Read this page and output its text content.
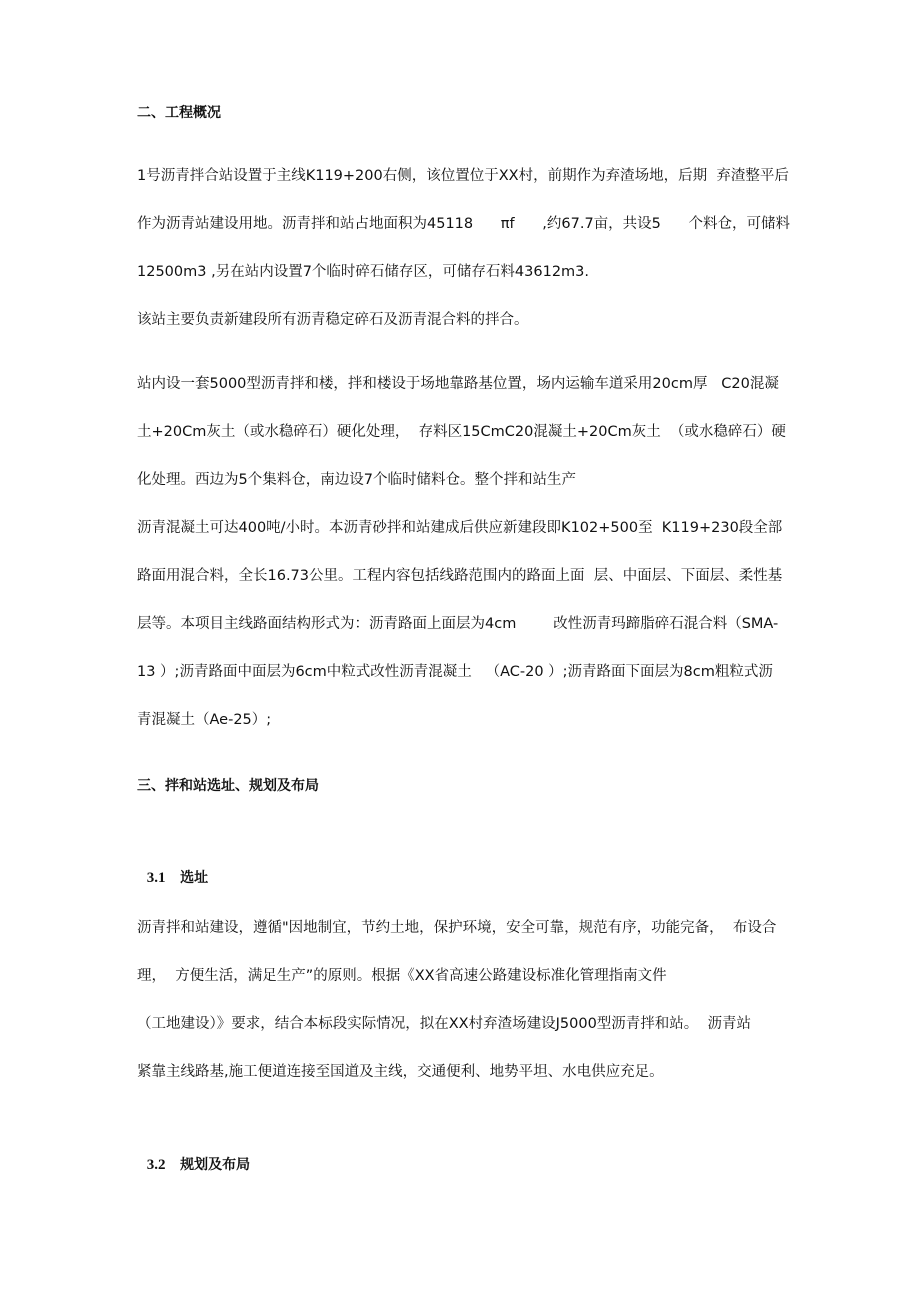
二、工程概况
1号沥青拌合站设置于主线K119+200右侧，该位置位于XX村，前期作为弃渣场地，后期  弃渣整平后
作为沥青站建设用地。沥青拌和站占地面积为45118      πf      ,约67.7亩，共设5      个料仓，可储料
12500m3 ,另在站内设置7个临时碎石储存区，可储存石料43612m3.
该站主要负责新建段所有沥青稳定碎石及沥青混合料的拌合。
站内设一套5000型沥青拌和楼，拌和楼设于场地靠路基位置，场内运输车道采用20cm厚   C20混凝
土+20Cm灰土（或水稳碎石）硬化处理，  存料区15CmC20混凝土+20Cm灰土  （或水稳碎石）硬
化处理。西边为5个集料仓，南边设7个临时储料仓。整个拌和站生产
沥青混凝土可达400吨/小时。本沥青砂拌和站建成后供应新建段即K102+500至  K119+230段全部
路面用混合料，全长16.73公里。工程内容包括线路范围内的路面上面  层、中面层、下面层、柔性基
层等。本项目主线路面结构形式为：沥青路面上面层为4cm        改性沥青玛蹄脂碎石混合料（SMA-
13 ）;沥青路面中面层为6cm中粒式改性沥青混凝土   （AC-20 ）;沥青路面下面层为8cm粗粒式沥
青混凝土（Ae-25）;
三、拌和站选址、规划及布局

3.1 选址

沥青拌和站建设，遵循"因地制宜，节约土地，保护环境，安全可靠，规范有序，功能完备，  布设合
理，  方便生活，满足生产”的原则。根据《XX省高速公路建设标准化管理指南文件
（工地建设）》要求，结合本标段实际情况，拟在XX村弃渣场建设J5000型沥青拌和站。  沥青站
紧靠主线路基,施工便道连接至国道及主线，交通便利、地势平坦、水电供应充足。

3.2 规划及布局
